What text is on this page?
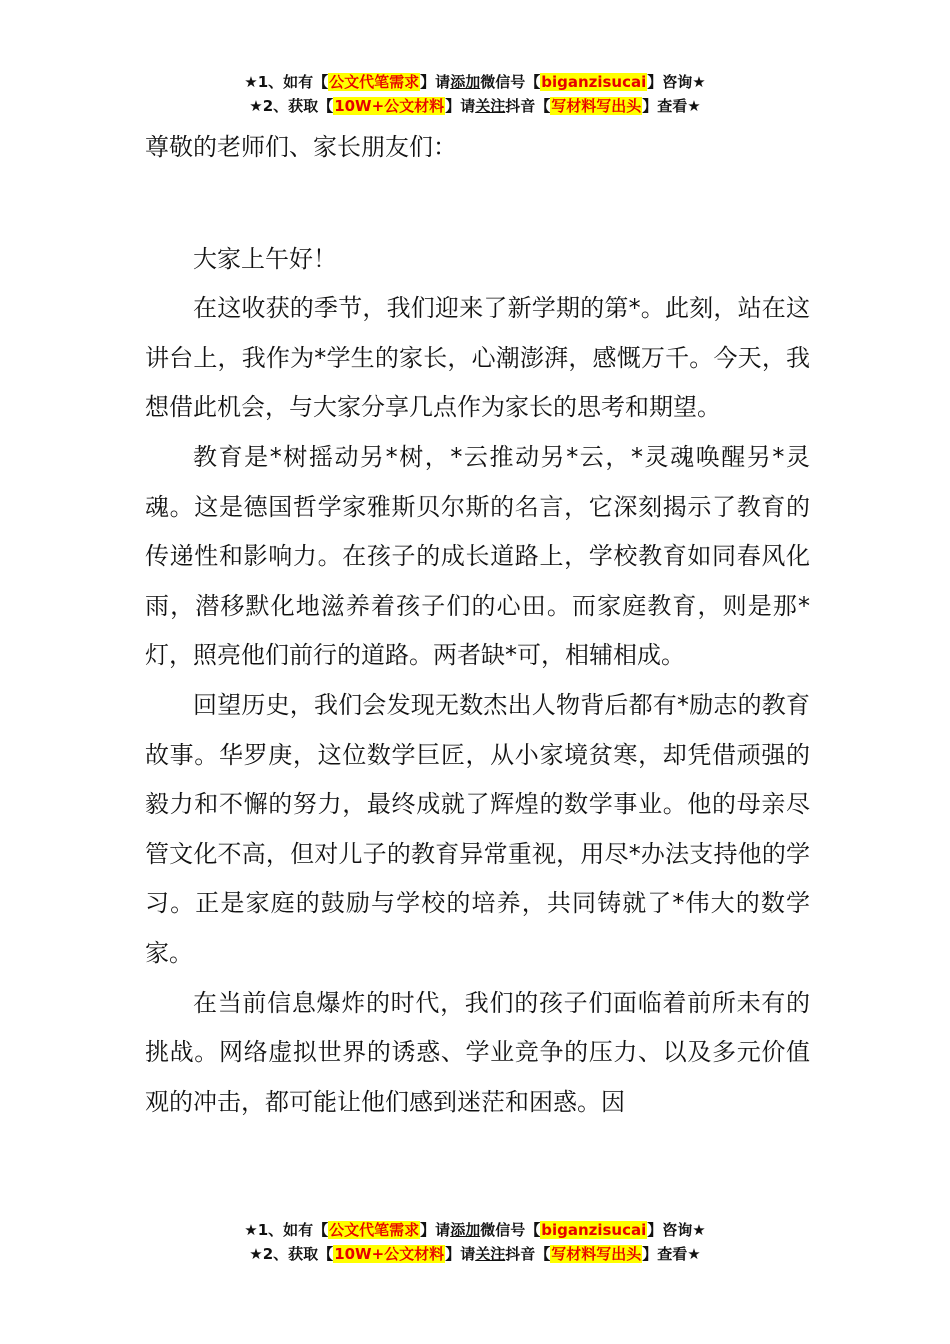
★1、如有【公文代笔需求】请添加微信号【biganzisucai】咨询★
★2、获取【10W+公文材料】请关注抖音【写材料写出头】查看★

尊敬的老师们、家长朋友们：

大家上午好！

在这收获的季节，我们迎来了新学期的第*。此刻，站在这讲台上，我作为*学生的家长，心潮澎湃，感慨万千。今天，我想借此机会，与大家分享几点作为家长的思考和期望。

教育是*树摇动另*树，*云推动另*云，*灵魂唤醒另*灵魂。这是德国哲学家雅斯贝尔斯的名言，它深刻揭示了教育的传递性和影响力。在孩子的成长道路上，学校教育如同春风化雨，潜移默化地滋养着孩子们的心田。而家庭教育，则是那*灯，照亮他们前行的道路。两者缺*可，相辅相成。

回望历史，我们会发现无数杰出人物背后都有*励志的教育故事。华罗庚，这位数学巨匠，从小家境贫寒，却凭借顽强的毅力和不懈的努力，最终成就了辉煌的数学事业。他的母亲尽管文化不高，但对儿子的教育异常重视，用尽*办法支持他的学习。正是家庭的鼓励与学校的培养，共同铸就了*伟大的数学家。

在当前信息爆炸的时代，我们的孩子们面临着前所未有的挑战。网络虚拟世界的诱惑、学业竞争的压力、以及多元价值观的冲击，都可能让他们感到迷茫和困惑。因

★1、如有【公文代笔需求】请添加微信号【biganzisucai】咨询★
★2、获取【10W+公文材料】请关注抖音【写材料写出头】查看★
